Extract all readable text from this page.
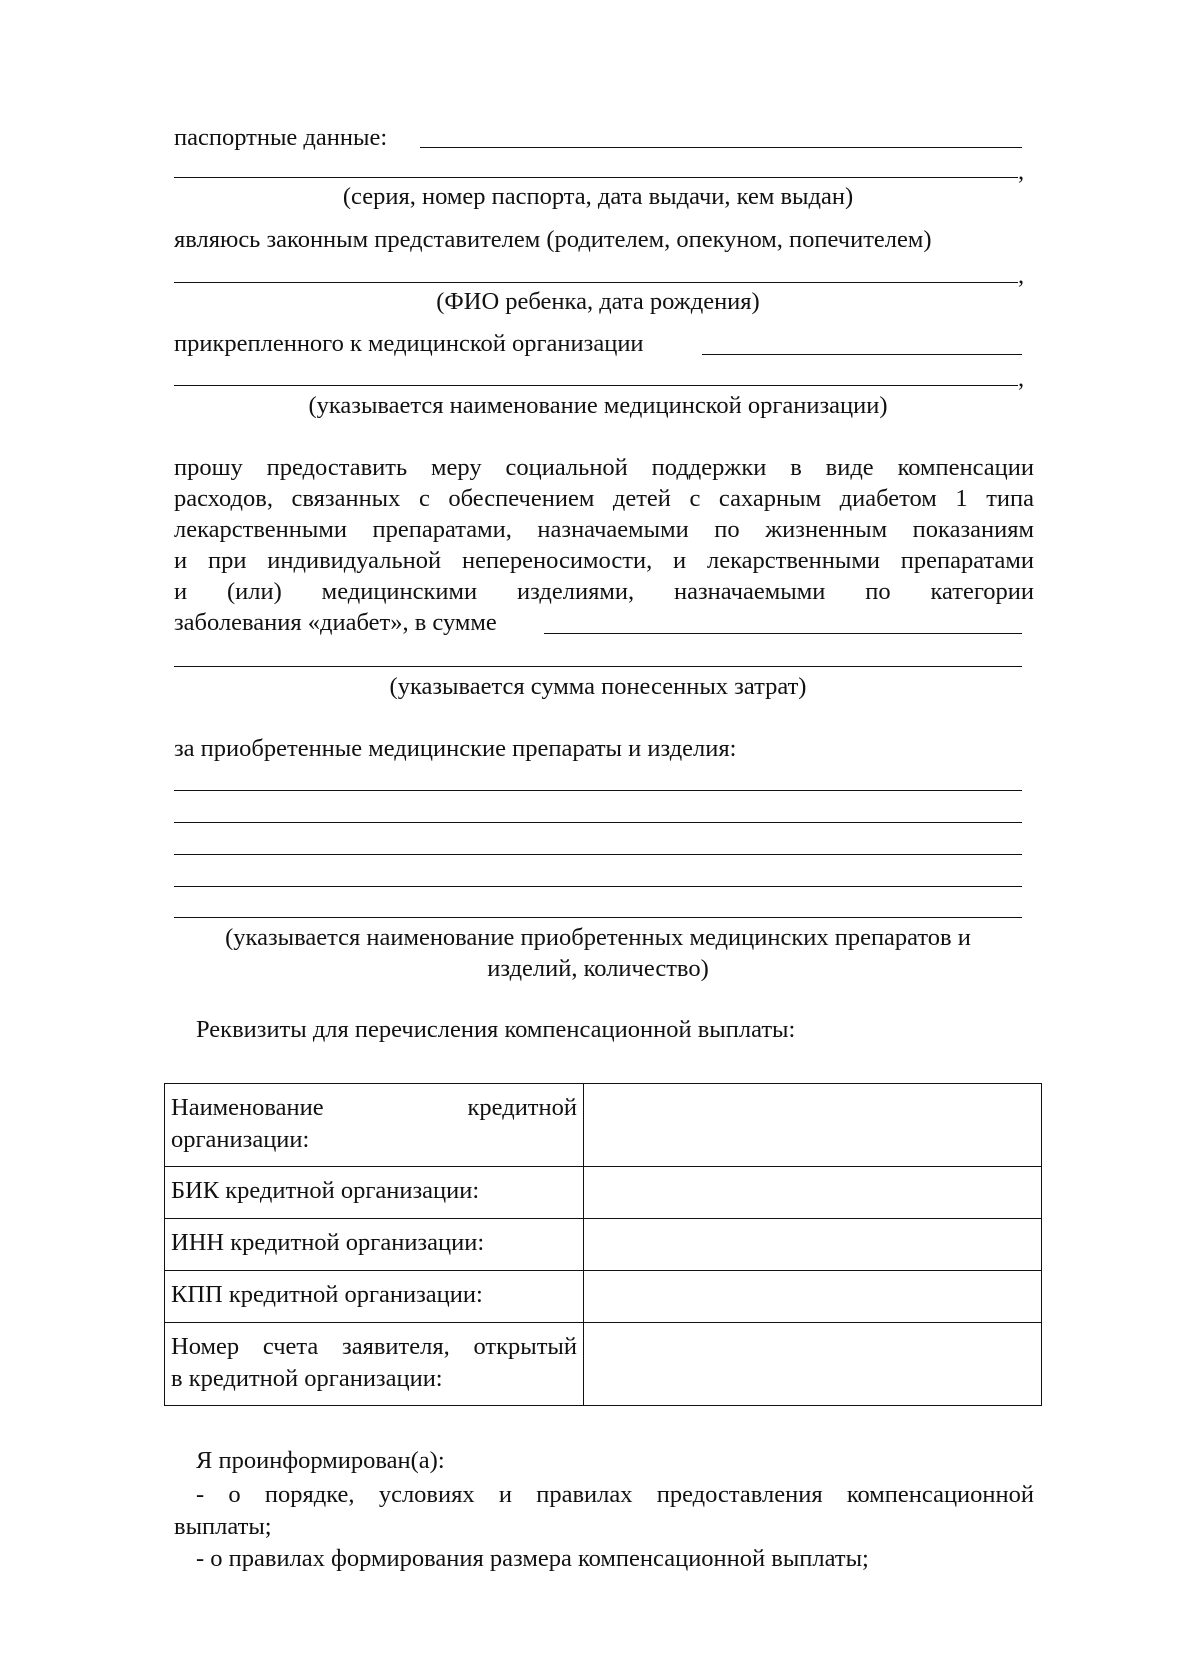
паспортные данные:
,
(серия, номер паспорта, дата выдачи, кем выдан)
являюсь законным представителем (родителем, опекуном, попечителем)
,
(ФИО ребенка, дата рождения)
прикрепленного к медицинской организации
,
(указывается наименование медицинской организации)
прошу предоставить меру социальной поддержки в виде компенсации
расходов, связанных с обеспечением детей с сахарным диабетом 1 типа
лекарственными препаратами, назначаемыми по жизненным показаниям
и при индивидуальной непереносимости, и лекарственными препаратами
и (или) медицинскими изделиями, назначаемыми по категории
заболевания «диабет», в сумме
(указывается сумма понесенных затрат)
за приобретенные медицинские препараты и изделия:
(указывается наименование приобретенных медицинских препаратов и
изделий, количество)
Реквизиты для перечисления компенсационной выплаты:
Наименование кредитной
организации:	

БИК кредитной организации:	
ИНН кредитной организации:	
КПП кредитной организации:	

Номер счета заявителя, открытый
в кредитной организации:	

Я проинформирован(а):
- о порядке, условиях и правилах предоставления компенсационной
выплаты;
- о правилах формирования размера компенсационной выплаты;
